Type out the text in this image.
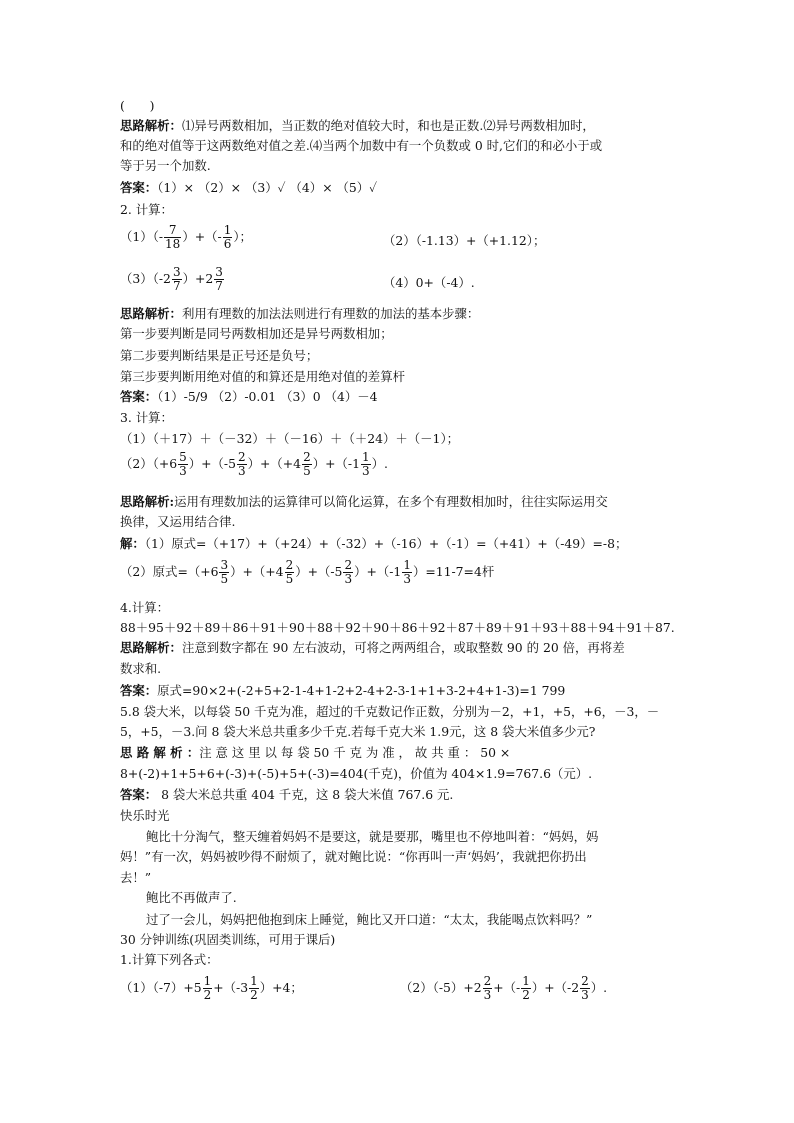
(　　)
思路解析：⑴异号两数相加，当正数的绝对值较大时，和也是正数.⑵异号两数相加时，
和的绝对值等于这两数绝对值之差.⑷当两个加数中有一个负数或 0 时,它们的和必小于或
等于另一个加数.
答案：（1）× （2）× （3）✓ （4）× （5）✓
2. 计算：
$(1)(- \frac{7}{18}$ ）+（- $\frac{1}{6}$ ）；	（2）（-1.13）+（+1.12）；
$(3)(-2 \frac{3}{7} )+2 \frac{3}{7}$	（4）0+（-4）.
思路解析：利用有理数的加法法则进行有理数的加法的基本步骤：
第一步要判断是同号两数相加还是异号两数相加；
第二步要判断结果是正号还是负号；
第三步要判断用绝对值的和算还是用绝对值的差算杆
答案：（1）-5/9 （2）-0.01 （3）0 （4）－4
3. 计算：
（1）（＋17）＋（－32）＋（－16）＋（＋24）＋（－1）；
$(2)(+6 \frac{5}{3} )+(-5 \frac{2}{3} )+(+4 \frac{2}{5} )+(-1 \frac{1}{3}$ ）.
思路解析:运用有理数加法的运算律可以简化运算，在多个有理数相加时，往往实际运用交
换律，又运用结合律.
解：（1）原式=（+17）+（+24）+（-32）+（-16）+（-1）=（+41）+（-49）=-8；
（2）原式$=(+6 \frac{3}{5} )+(+4 \frac{2}{5} )+(-5 \frac{2}{3} )+(-1 \frac{1}{3} )=11-7=4$杆
4.计算：
88＋95＋92＋89＋86＋91＋90＋88＋92＋90＋86＋92＋87＋89＋91＋93＋88＋94＋91＋87.
思路解析：注意到数字都在 90 左右波动，可将之两两组合，或取整数 90 的 20 倍，再将差
数求和.
答案：原式=90×2+(-2+5+2-1-4+1-2+2-4+2-3-1+1+3-2+4+1-3)=1 799
5.8 袋大米，以每袋 50 千克为准，超过的千克数记作正数，分别为－2，+1，+5，+6，－3，－
5，+5，－3.问 8 袋大米总共重多少千克.若每千克大米 1.9元，这 8 袋大米值多少元?
思 路 解 析 ：注 意 这 里 以 每 袋 50 千 克 为 准 ， 故 共 重 ： 50 ×
8+(-2)+1+5+6+(-3)+(-5)+5+(-3)=404(千克)，价值为 404×1.9=767.6（元）.
答案： 8 袋大米总共重 404 千克，这 8 袋大米值 767.6 元.
快乐时光
鲍比十分淘气，整天缠着妈妈不是要这，就是要那，嘴里也不停地叫着：“妈妈，妈
妈！”有一次，妈妈被吵得不耐烦了，就对鲍比说：“你再叫一声‘妈妈’，我就把你扔出
去！”
鲍比不再做声了.
过了一会儿，妈妈把他抱到床上睡觉，鲍比又开口道：“太太，我能喝点饮料吗？”
30 分钟训练(巩固类训练，可用于课后)
1.计算下列各式：
$(1)(-7)+5 \frac{1}{2} +(-3 \frac{1}{2} )+4$；	$(2)(-5)+2 \frac{2}{3}$ +（- $\frac{1}{2} )+(-2 \frac{2}{3}$ ）.
